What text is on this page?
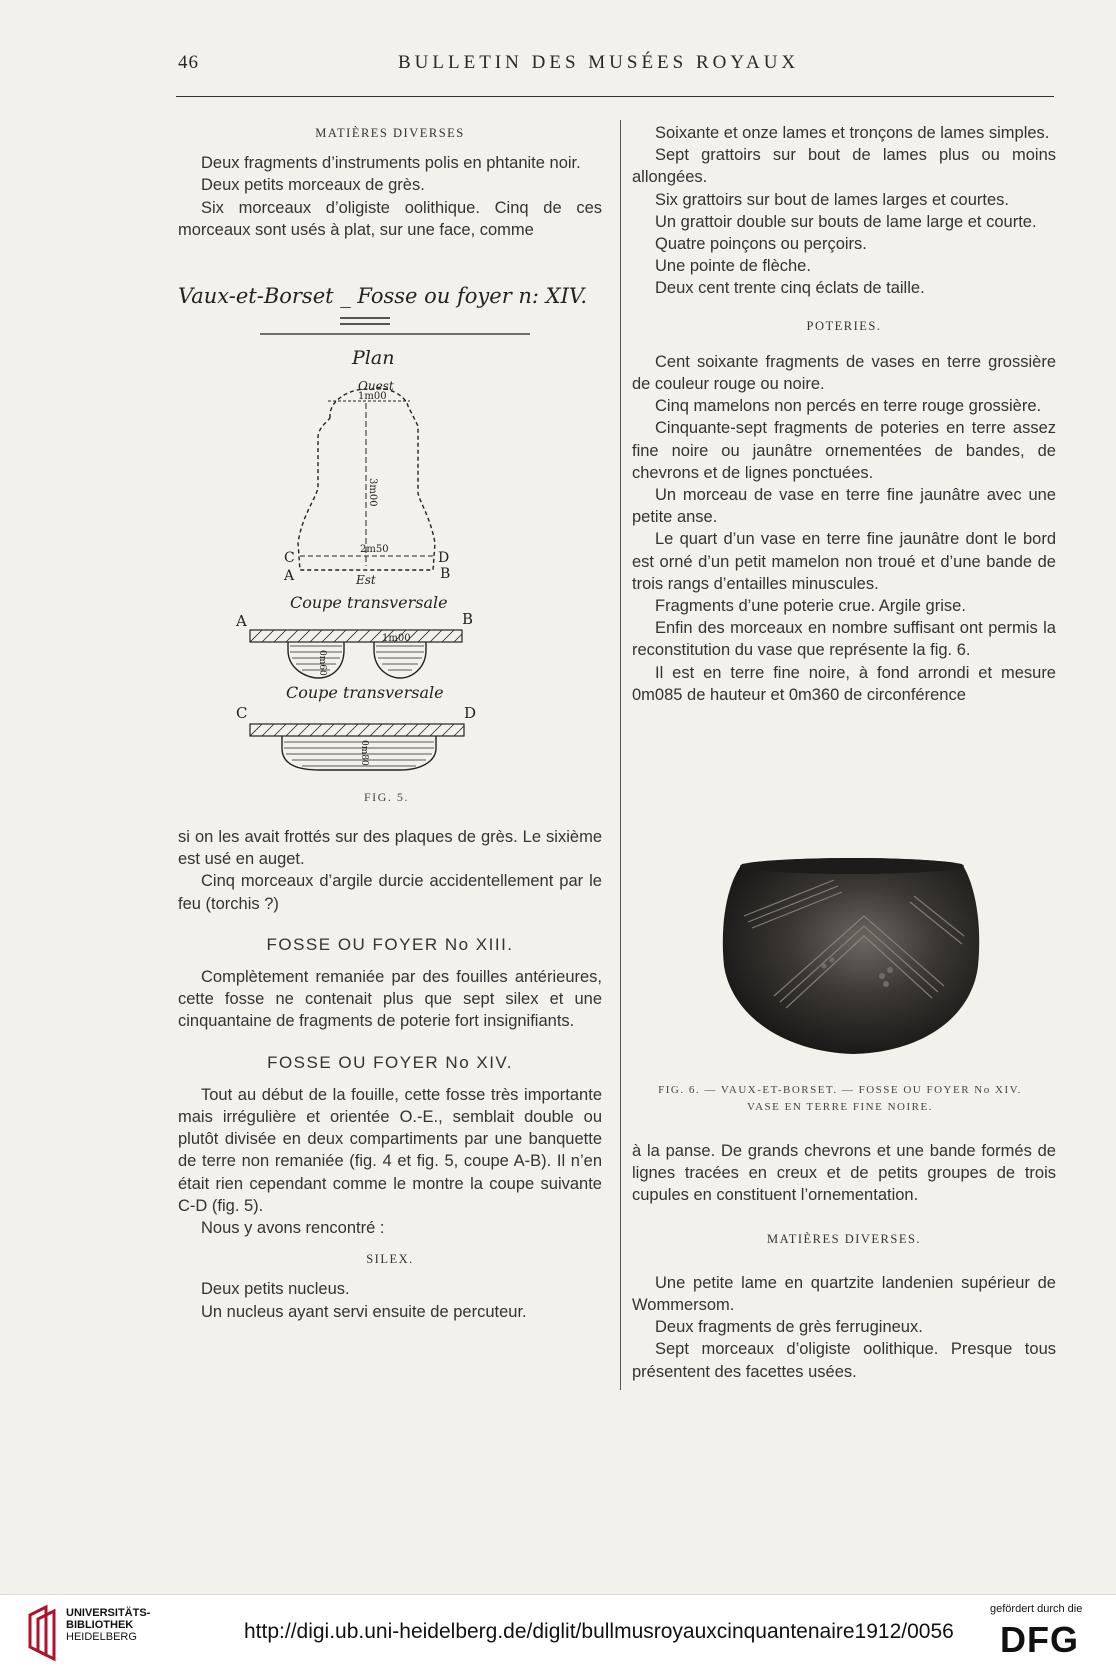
46	BULLETIN DES MUSÉES ROYAUX
MATIÈRES DIVERSES

Deux fragments d’instruments polis en phtanite noir.

Deux petits morceaux de grès.

Six morceaux d’oligiste oolithique. Cinq de ces morceaux sont usés à plat, sur une face, comme

Vaux-et-Borset _ Fosse ou foyer n: XIV.
Plan
Ouest
1m00
3m00
2m50
C	D
A	B
Est
Coupe transversale
A	B
0m60
1m00
Coupe transversale
C	D
0m80
FIG. 5.

si on les avait frottés sur des plaques de grès. Le sixième est usé en auget.

Cinq morceaux d’argile durcie accidentellement par le feu (torchis ?)

FOSSE OU FOYER No XIII.

Complètement remaniée par des fouilles antérieures, cette fosse ne contenait plus que sept silex et une cinquantaine de fragments de poterie fort insignifiants.

FOSSE OU FOYER No XIV.

Tout au début de la fouille, cette fosse très importante mais irrégulière et orientée O.-E., semblait double ou plutôt divisée en deux compartiments par une banquette de terre non remaniée (fig. 4 et fig. 5, coupe A-B). Il n’en était rien cependant comme le montre la coupe suivante C-D (fig. 5).

Nous y avons rencontré :

SILEX.

Deux petits nucleus.

Un nucleus ayant servi ensuite de percuteur.

Soixante et onze lames et tronçons de lames simples.

Sept grattoirs sur bout de lames plus ou moins allongées.

Six grattoirs sur bout de lames larges et courtes.

Un grattoir double sur bouts de lame large et courte.

Quatre poinçons ou perçoirs.

Une pointe de flèche.

Deux cent trente cinq éclats de taille.

POTERIES.

Cent soixante fragments de vases en terre grossière de couleur rouge ou noire.

Cinq mamelons non percés en terre rouge grossière.

Cinquante-sept fragments de poteries en terre assez fine noire ou jaunâtre ornementées de bandes, de chevrons et de lignes ponctuées.

Un morceau de vase en terre fine jaunâtre avec une petite anse.

Le quart d’un vase en terre fine jaunâtre dont le bord est orné d’un petit mamelon non troué et d’une bande de trois rangs d’entailles minuscules.

Fragments d’une poterie crue. Argile grise.

Enfin des morceaux en nombre suffisant ont permis la reconstitution du vase que représente la fig. 6.

Il est en terre fine noire, à fond arrondi et mesure 0m085 de hauteur et 0m360 de circonférence

FIG. 6. — VAUX-ET-BORSET. — FOSSE OU FOYER No XIV.
VASE EN TERRE FINE NOIRE.

à la panse. De grands chevrons et une bande formés de lignes tracées en creux et de petits groupes de trois cupules en constituent l’ornementation.

MATIÈRES DIVERSES.

Une petite lame en quartzite landenien supérieur de Wommersom.

Deux fragments de grès ferrugineux.

Sept morceaux d’oligiste oolithique. Presque tous présentent des facettes usées.

UNIVERSITÄTS-
BIBLIOTHEK
HEIDELBERG	http://digi.ub.uni-heidelberg.de/diglit/bullmusroyauxcinquantenaire1912/0056
gefördert durch die
DFG
